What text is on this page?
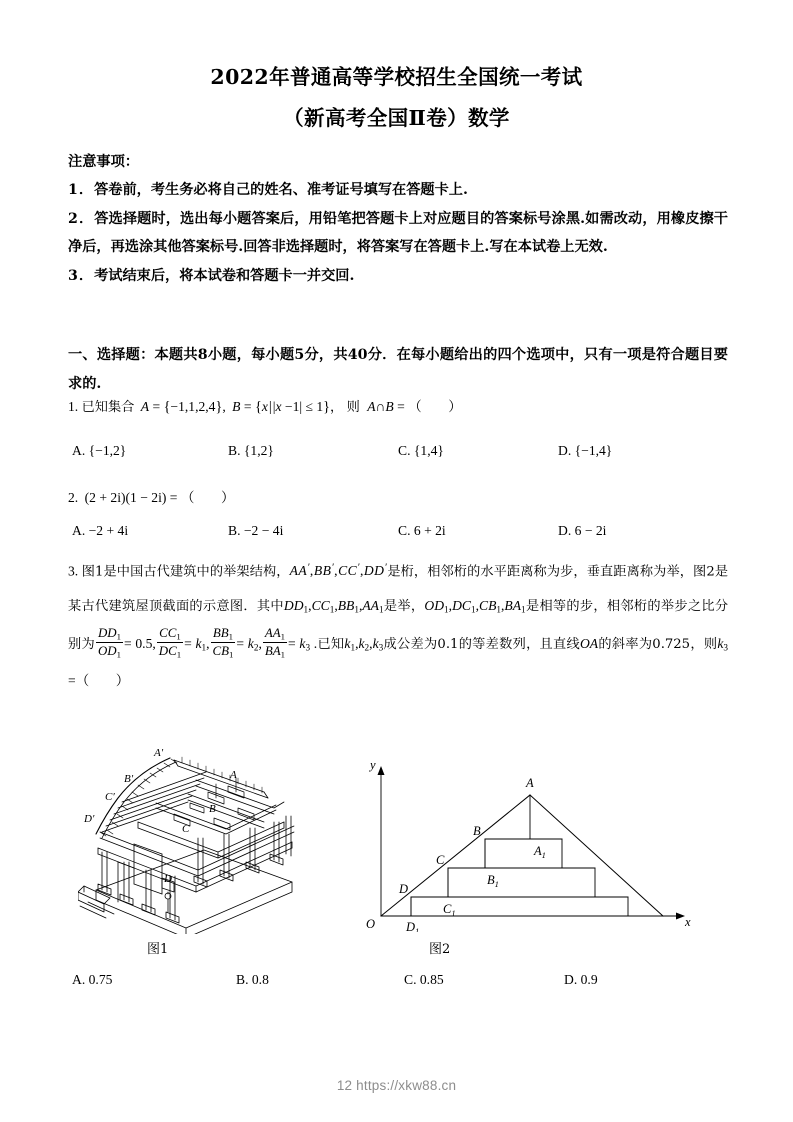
2022年普通高等学校招生全国统一考试
（新高考全国Ⅱ卷）数学
注意事项：
1．答卷前，考生务必将自己的姓名、准考证号填写在答题卡上.
2．答选择题时，选出每小题答案后，用铅笔把答题卡上对应题目的答案标号涂黑.如需改动，用橡皮擦干净后，再选涂其他答案标号.回答非选择题时，将答案写在答题卡上.写在本试卷上无效.
3．考试结束后，将本试卷和答题卡一并交回.
一、选择题：本题共8小题，每小题5分，共40分．在每小题给出的四个选项中，只有一项是符合题目要求的.
1. 已知集合 A = {−1,1,2,4}, B = {x||x −1| ≤ 1}， 则 A∩B = （ ）
A. {−1,2}	B. {1,2}	C. {1,4}	D. {−1,4}
2. (2 + 2i)(1 − 2i) = （ ）
A. −2 + 4i	B. −2 − 4i	C. 6 + 2i	D. 6 − 2i
3. 图1是中国古代建筑中的举架结构，AA′,BB′,CC′,DD′是桁，相邻桁的水平距离称为步，垂直距离称为举，图2是某古代建筑屋顶截面的示意图．其中$DD_1,CC_1,BB_1,AA_1$是举，$OD_1,DC_1,CB_1,BA_1$是相等的步，相邻桁的举步之比分别为 $\frac{DD_1}{OD_1} = 0.5$, $\frac{CC_1}{DC_1} = k_1$, $\frac{BB_1}{CB_1} = k_2$, $\frac{AA_1}{BA_1} = k_3$ .已知$k_1,k_2,k_3$成公差为0.1的等差数列，且直线OA的斜率为0.725，则$k_3$ =（ ）
A′
B′
C′
D′
A
B
C
D
O	x
y
A
B
C
D
$A_1$
$B_1$
$C_1$
$D_1$
图1	图2
A. 0.75	B. 0.8	C. 0.85	D. 0.9
12 https://xkw88.cn
